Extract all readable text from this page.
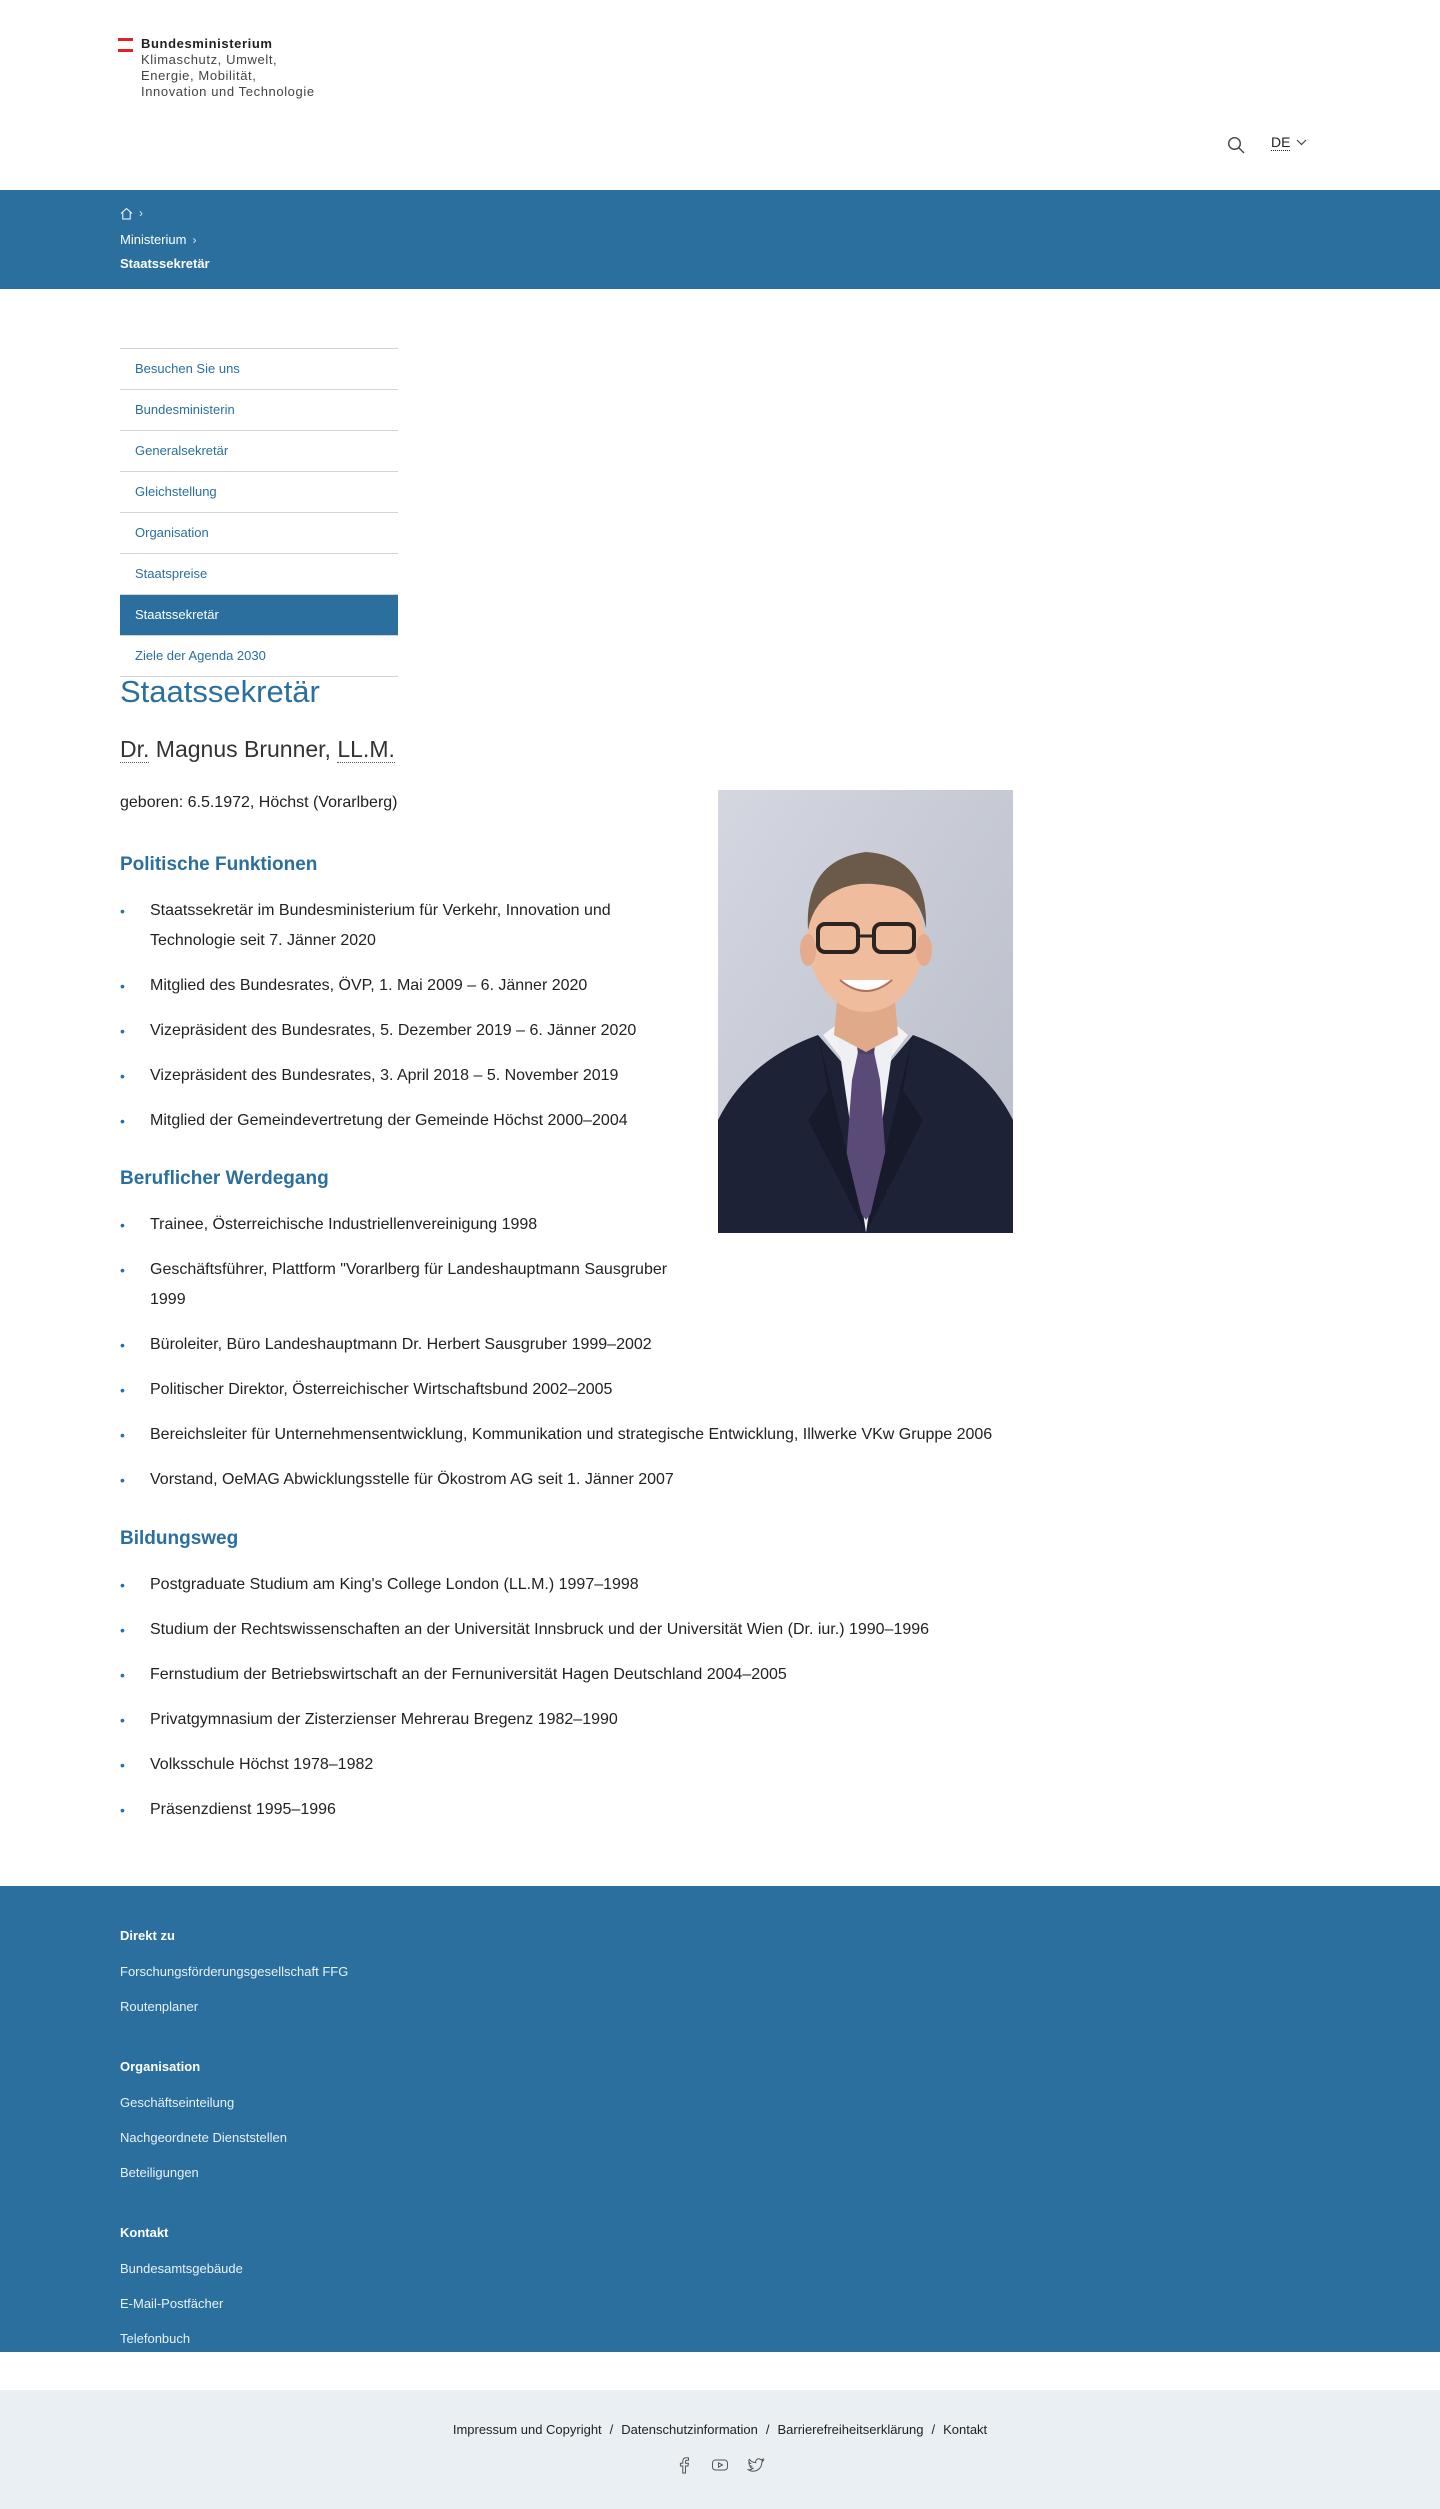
Bundesministerium
Klimaschutz, Umwelt,
Energie, Mobilität,
Innovation und Technologie
DE
›
Ministerium ›
Staatssekretär
Besuchen Sie uns
Bundesministerin
Generalsekretär
Gleichstellung
Organisation
Staatspreise
Staatssekretär
Ziele der Agenda 2030
Staatssekretär
Dr. Magnus Brunner, LL.M.
geboren: 6.5.1972, Höchst (Vorarlberg)
Politische Funktionen
• Staatssekretär im Bundesministerium für Verkehr, Innovation und Technologie seit 7. Jänner 2020
• Mitglied des Bundesrates, ÖVP, 1. Mai 2009 – 6. Jänner 2020
• Vizepräsident des Bundesrates, 5. Dezember 2019 – 6. Jänner 2020
• Vizepräsident des Bundesrates, 3. April 2018 – 5. November 2019
• Mitglied der Gemeindevertretung der Gemeinde Höchst 2000–2004
Beruflicher Werdegang
• Trainee, Österreichische Industriellenvereinigung 1998
• Geschäftsführer, Plattform "Vorarlberg für Landeshauptmann Sausgruber 1999
• Büroleiter, Büro Landeshauptmann Dr. Herbert Sausgruber 1999–2002
• Politischer Direktor, Österreichischer Wirtschaftsbund 2002–2005
• Bereichsleiter für Unternehmensentwicklung, Kommunikation und strategische Entwicklung, Illwerke VKw Gruppe 2006
• Vorstand, OeMAG Abwicklungsstelle für Ökostrom AG seit 1. Jänner 2007
Bildungsweg
• Postgraduate Studium am King's College London (LL.M.) 1997–1998
• Studium der Rechtswissenschaften an der Universität Innsbruck und der Universität Wien (Dr. iur.) 1990–1996
• Fernstudium der Betriebswirtschaft an der Fernuniversität Hagen Deutschland 2004–2005
• Privatgymnasium der Zisterzienser Mehrerau Bregenz 1982–1990
• Volksschule Höchst 1978–1982
• Präsenzdienst 1995–1996
Direkt zu
Forschungsförderungsgesellschaft FFG
Routenplaner
Organisation
Geschäftseinteilung
Nachgeordnete Dienststellen
Beteiligungen
Kontakt
Bundesamtsgebäude
E-Mail-Postfächer
Telefonbuch
Impressum und Copyright / Datenschutzinformation / Barrierefreiheitserklärung / Kontakt
